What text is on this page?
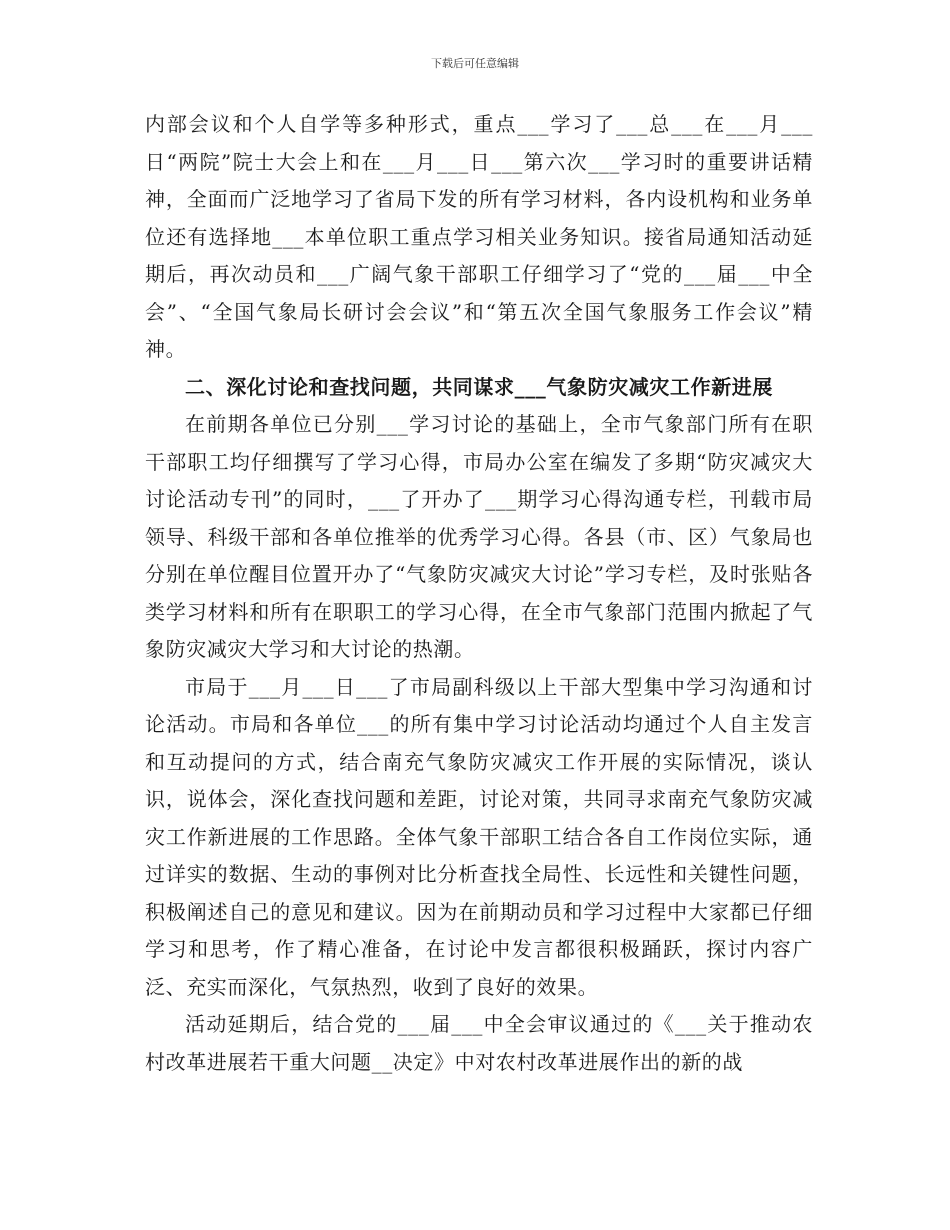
下载后可任意编辑

内部会议和个人自学等多种形式，重点___学习了___总___在___月___日“两院”院士大会上和在___月___日___第六次___学习时的重要讲话精神，全面而广泛地学习了省局下发的所有学习材料，各内设机构和业务单位还有选择地___本单位职工重点学习相关业务知识。接省局通知活动延期后，再次动员和___广阔气象干部职工仔细学习了“党的___届___中全会”、“全国气象局长研讨会会议”和“第五次全国气象服务工作会议”精神。

二、深化讨论和查找问题，共同谋求___气象防灾减灾工作新进展

在前期各单位已分别___学习讨论的基础上，全市气象部门所有在职干部职工均仔细撰写了学习心得，市局办公室在编发了多期“防灾减灾大讨论活动专刊”的同时，___了开办了___期学习心得沟通专栏，刊载市局领导、科级干部和各单位推举的优秀学习心得。各县（市、区）气象局也分别在单位醒目位置开办了“气象防灾减灾大讨论”学习专栏，及时张贴各类学习材料和所有在职职工的学习心得，在全市气象部门范围内掀起了气象防灾减灾大学习和大讨论的热潮。

市局于___月___日___了市局副科级以上干部大型集中学习沟通和讨论活动。市局和各单位___的所有集中学习讨论活动均通过个人自主发言和互动提问的方式，结合南充气象防灾减灾工作开展的实际情况，谈认识，说体会，深化查找问题和差距，讨论对策，共同寻求南充气象防灾减灾工作新进展的工作思路。全体气象干部职工结合各自工作岗位实际，通过详实的数据、生动的事例对比分析查找全局性、长远性和关键性问题，积极阐述自己的意见和建议。因为在前期动员和学习过程中大家都已仔细学习和思考，作了精心准备，在讨论中发言都很积极踊跃，探讨内容广泛、充实而深化，气氛热烈，收到了良好的效果。

活动延期后，结合党的___届___中全会审议通过的《___关于推动农村改革进展若干重大问题__决定》中对农村改革进展作出的新的战
